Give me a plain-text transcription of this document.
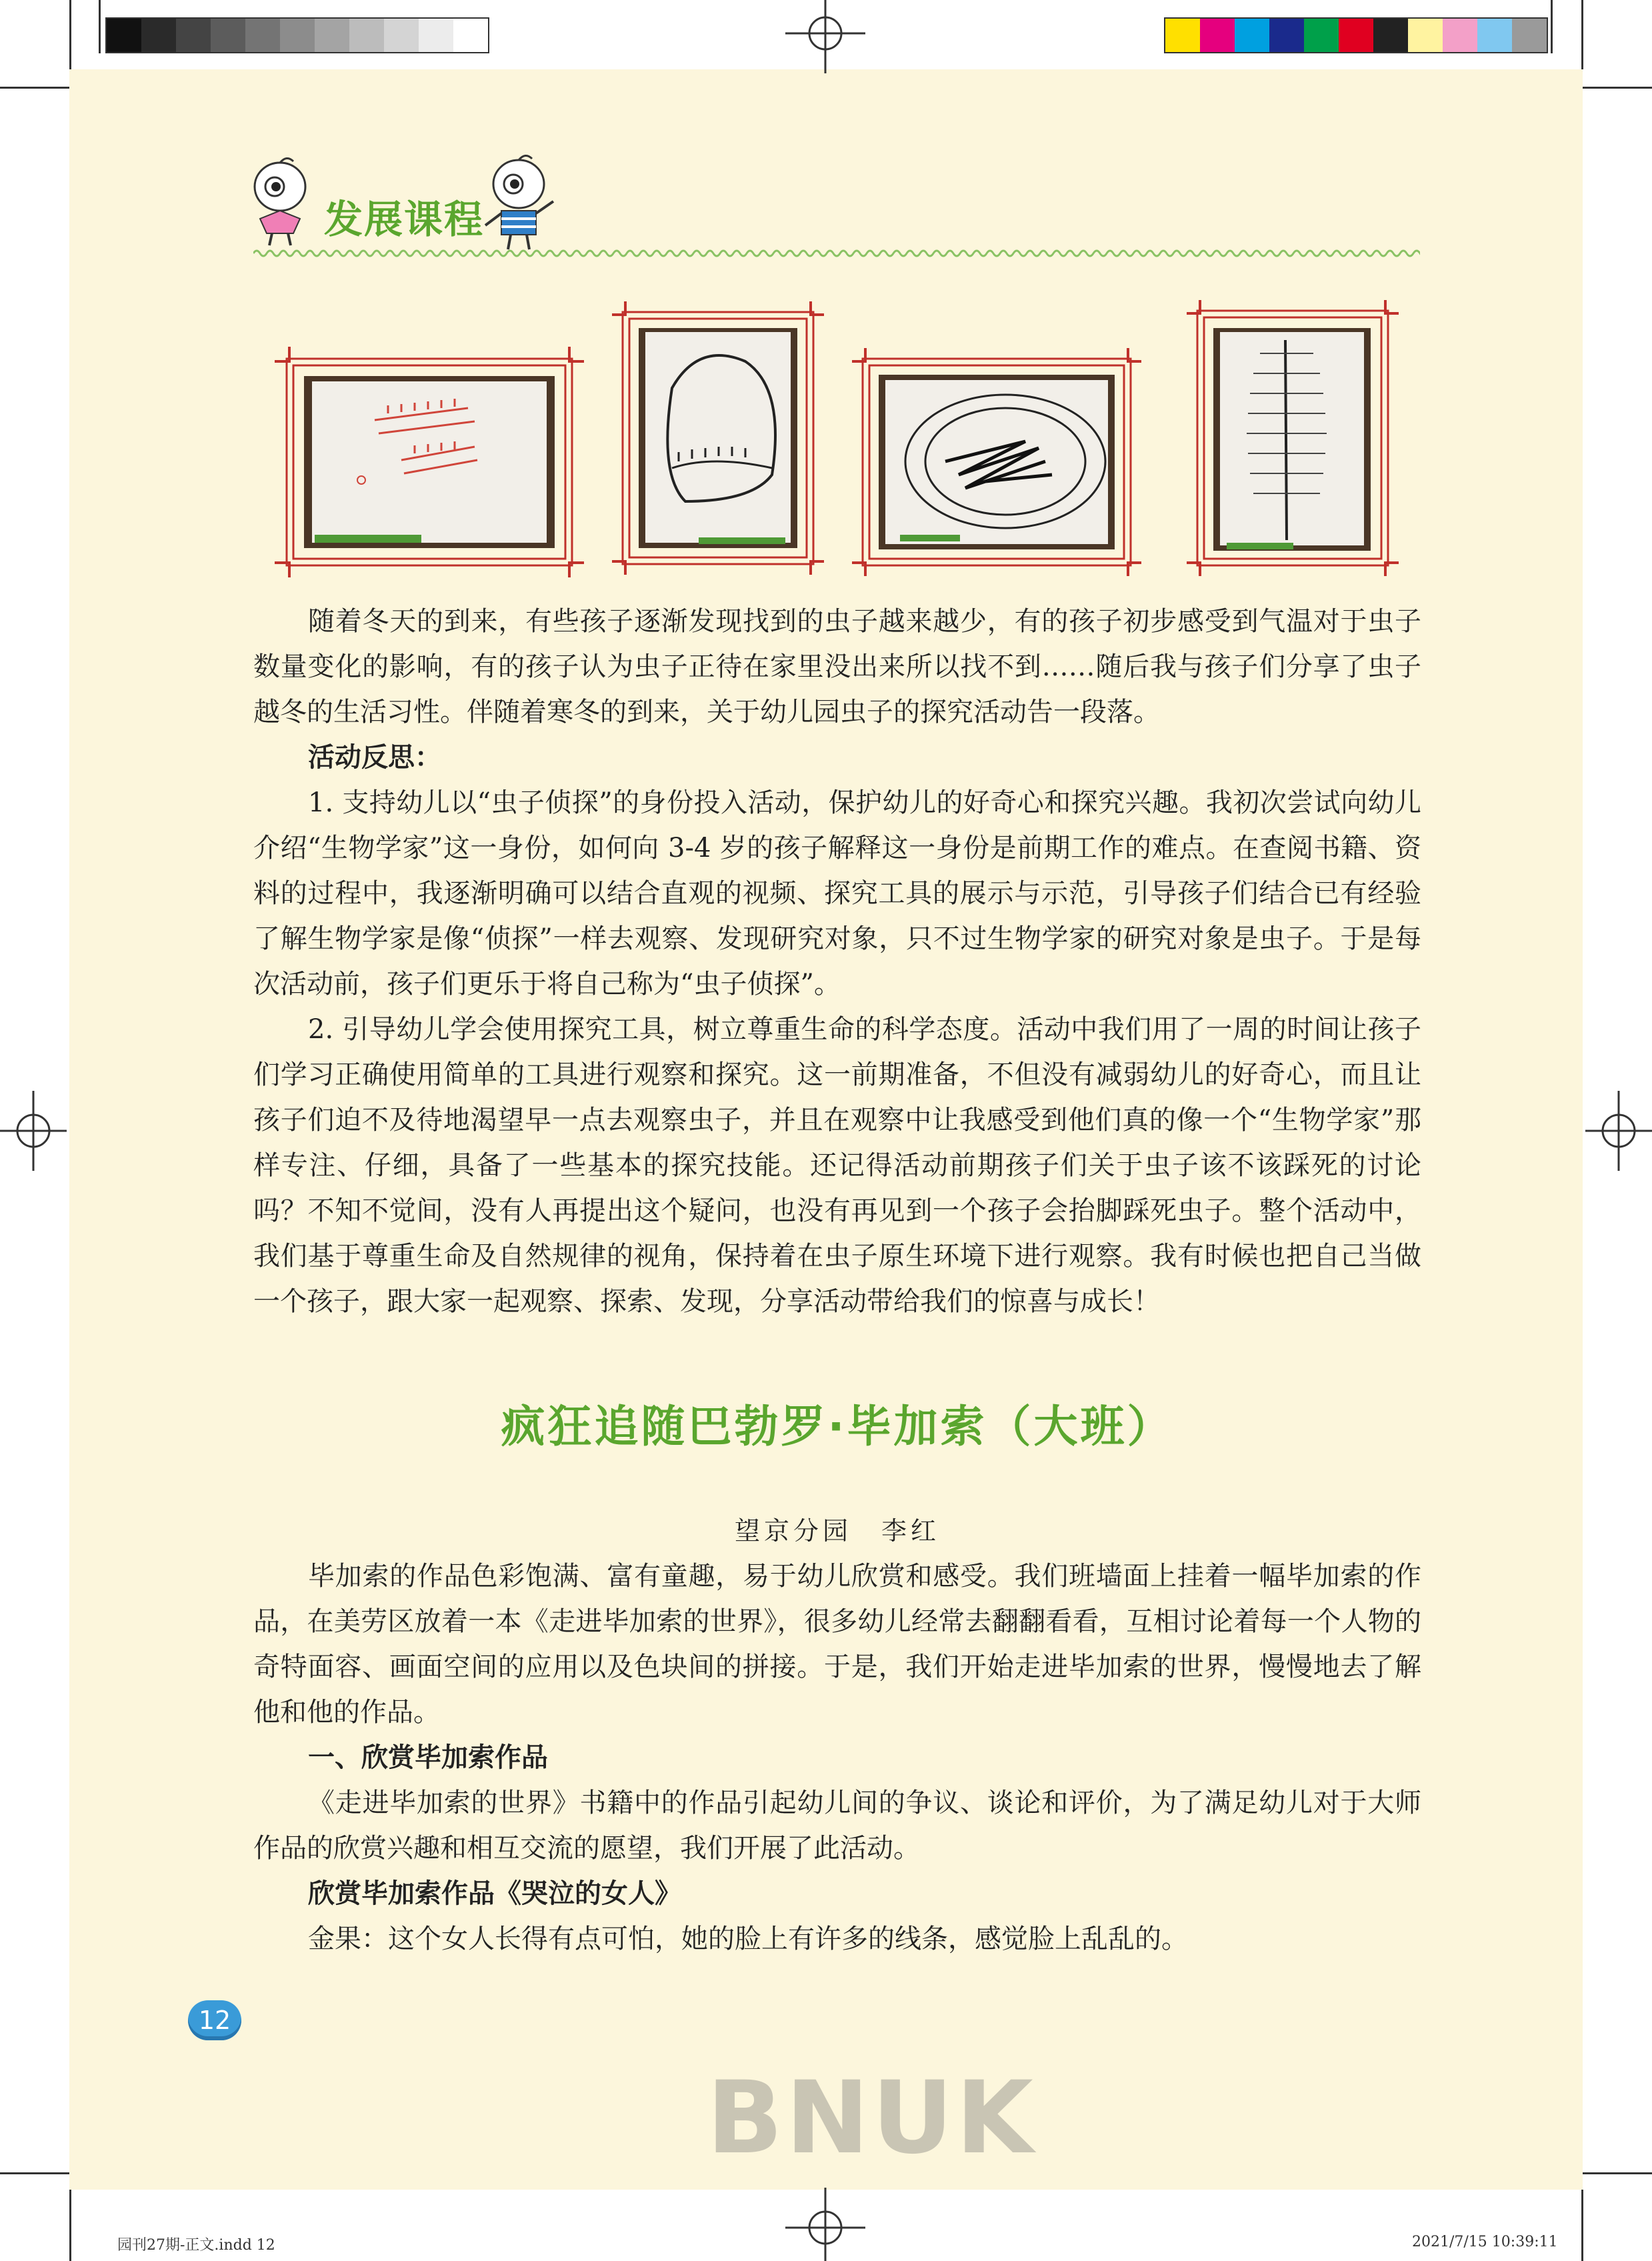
发展课程

随着冬天的到来，有些孩子逐渐发现找到的虫子越来越少，有的孩子初步感受到气温对于虫子数量变化的影响，有的孩子认为虫子正待在家里没出来所以找不到……随后我与孩子们分享了虫子越冬的生活习性。伴随着寒冬的到来，关于幼儿园虫子的探究活动告一段落。

活动反思：

1. 支持幼儿以“虫子侦探”的身份投入活动，保护幼儿的好奇心和探究兴趣。我初次尝试向幼儿介绍“生物学家”这一身份，如何向 3-4 岁的孩子解释这一身份是前期工作的难点。在查阅书籍、资料的过程中，我逐渐明确可以结合直观的视频、探究工具的展示与示范，引导孩子们结合已有经验了解生物学家是像“侦探”一样去观察、发现研究对象，只不过生物学家的研究对象是虫子。于是每次活动前，孩子们更乐于将自己称为“虫子侦探”。

2. 引导幼儿学会使用探究工具，树立尊重生命的科学态度。活动中我们用了一周的时间让孩子们学习正确使用简单的工具进行观察和探究。这一前期准备，不但没有减弱幼儿的好奇心，而且让孩子们迫不及待地渴望早一点去观察虫子，并且在观察中让我感受到他们真的像一个“生物学家”那样专注、仔细，具备了一些基本的探究技能。还记得活动前期孩子们关于虫子该不该踩死的讨论吗？不知不觉间，没有人再提出这个疑问，也没有再见到一个孩子会抬脚踩死虫子。整个活动中，我们基于尊重生命及自然规律的视角，保持着在虫子原生环境下进行观察。我有时候也把自己当做一个孩子，跟大家一起观察、探索、发现，分享活动带给我们的惊喜与成长！

疯狂追随巴勃罗·毕加索（大班）
望京分园　李红

毕加索的作品色彩饱满、富有童趣，易于幼儿欣赏和感受。我们班墙面上挂着一幅毕加索的作品，在美劳区放着一本《走进毕加索的世界》，很多幼儿经常去翻翻看看，互相讨论着每一个人物的奇特面容、画面空间的应用以及色块间的拼接。于是，我们开始走进毕加索的世界，慢慢地去了解他和他的作品。

一、欣赏毕加索作品

《走进毕加索的世界》书籍中的作品引起幼儿间的争议、谈论和评价，为了满足幼儿对于大师作品的欣赏兴趣和相互交流的愿望，我们开展了此活动。

欣赏毕加索作品《哭泣的女人》

金果：这个女人长得有点可怕，她的脸上有许多的线条，感觉脸上乱乱的。

12
BNUK
园刊27期-正文.indd 12	2021/7/15 10:39:11
